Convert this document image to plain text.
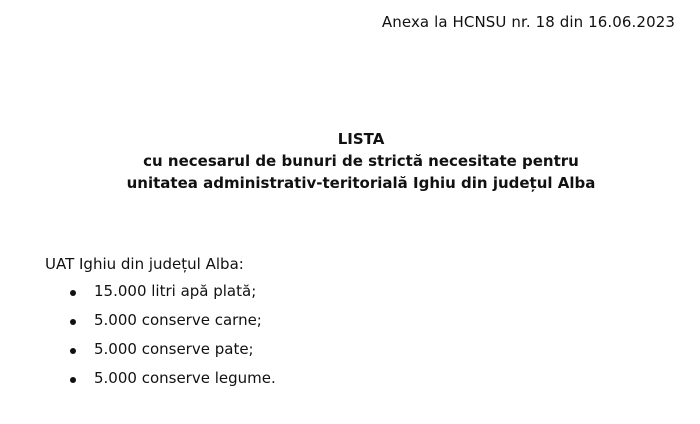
Anexa la HCNSU nr. 18 din 16.06.2023
LISTA
cu necesarul de bunuri de strictă necesitate pentru
unitatea administrativ-teritorială Ighiu din județul Alba
UAT Ighiu din județul Alba:
15.000 litri apă plată;
5.000 conserve carne;
5.000 conserve pate;
5.000 conserve legume.
